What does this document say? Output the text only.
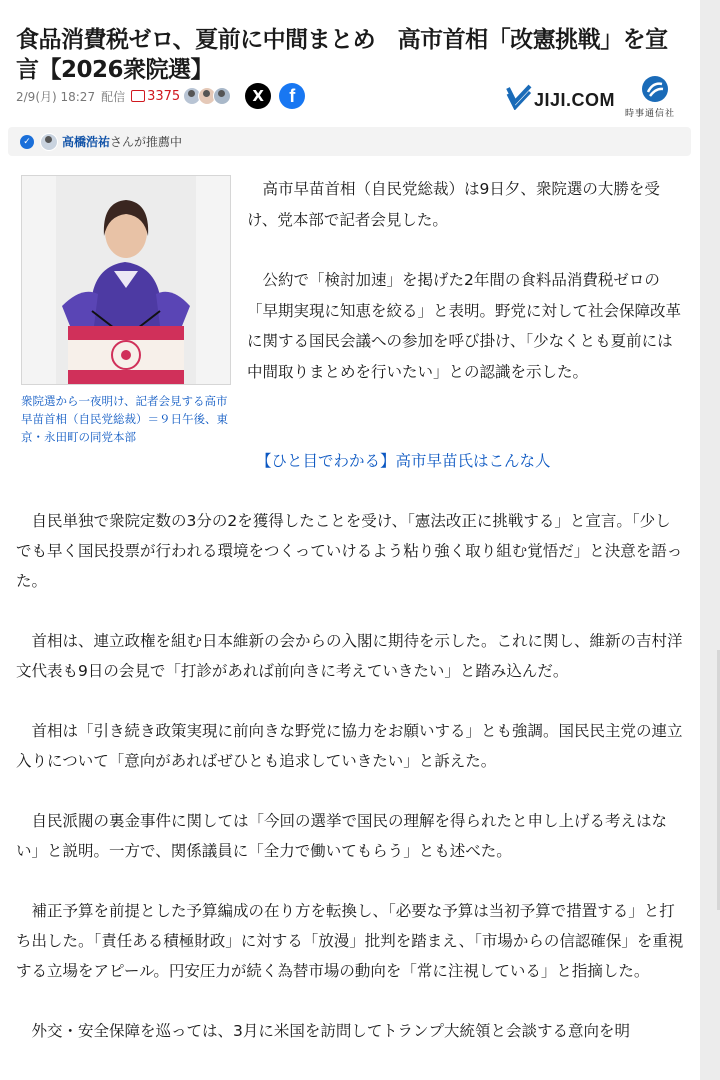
食品消費税ゼロ、夏前に中間まとめ　高市首相「改憲挑戦」を宣言【2026衆院選】
2/9(月) 18:27 配信 3375	X	f	JIJI.COM
時事通信社
✓	高橋浩祐 さんが推薦中
衆院選から一夜明け、記者会見する高市早苗首相（自民党総裁）＝９日午後、東京・永田町の同党本部

高市早苗首相（自民党総裁）は9日夕、衆院選の大勝を受け、党本部で記者会見した。

公約で「検討加速」を掲げた2年間の食料品消費税ゼロの「早期実現に知恵を絞る」と表明。野党に対して社会保障改革に関する国民会議への参加を呼び掛け、「少なくとも夏前には中間取りまとめを行いたい」との認識を示した。

【ひと目でわかる】高市早苗氏はこんな人

自民単独で衆院定数の3分の2を獲得したことを受け、「憲法改正に挑戦する」と宣言。「少しでも早く国民投票が行われる環境をつくっていけるよう粘り強く取り組む覚悟だ」と決意を語った。

首相は、連立政権を組む日本維新の会からの入閣に期待を示した。これに関し、維新の吉村洋文代表も9日の会見で「打診があれば前向きに考えていきたい」と踏み込んだ。

首相は「引き続き政策実現に前向きな野党に協力をお願いする」とも強調。国民民主党の連立入りについて「意向があればぜひとも追求していきたい」と訴えた。

自民派閥の裏金事件に関しては「今回の選挙で国民の理解を得られたと申し上げる考えはない」と説明。一方で、関係議員に「全力で働いてもらう」とも述べた。

補正予算を前提とした予算編成の在り方を転換し、「必要な予算は当初予算で措置する」と打ち出した。「責任ある積極財政」に対する「放漫」批判を踏まえ、「市場からの信認確保」を重視する立場をアピール。円安圧力が続く為替市場の動向を「常に注視している」と指摘した。

外交・安全保障を巡っては、3月に米国を訪問してトランプ大統領と会談する意向を明
